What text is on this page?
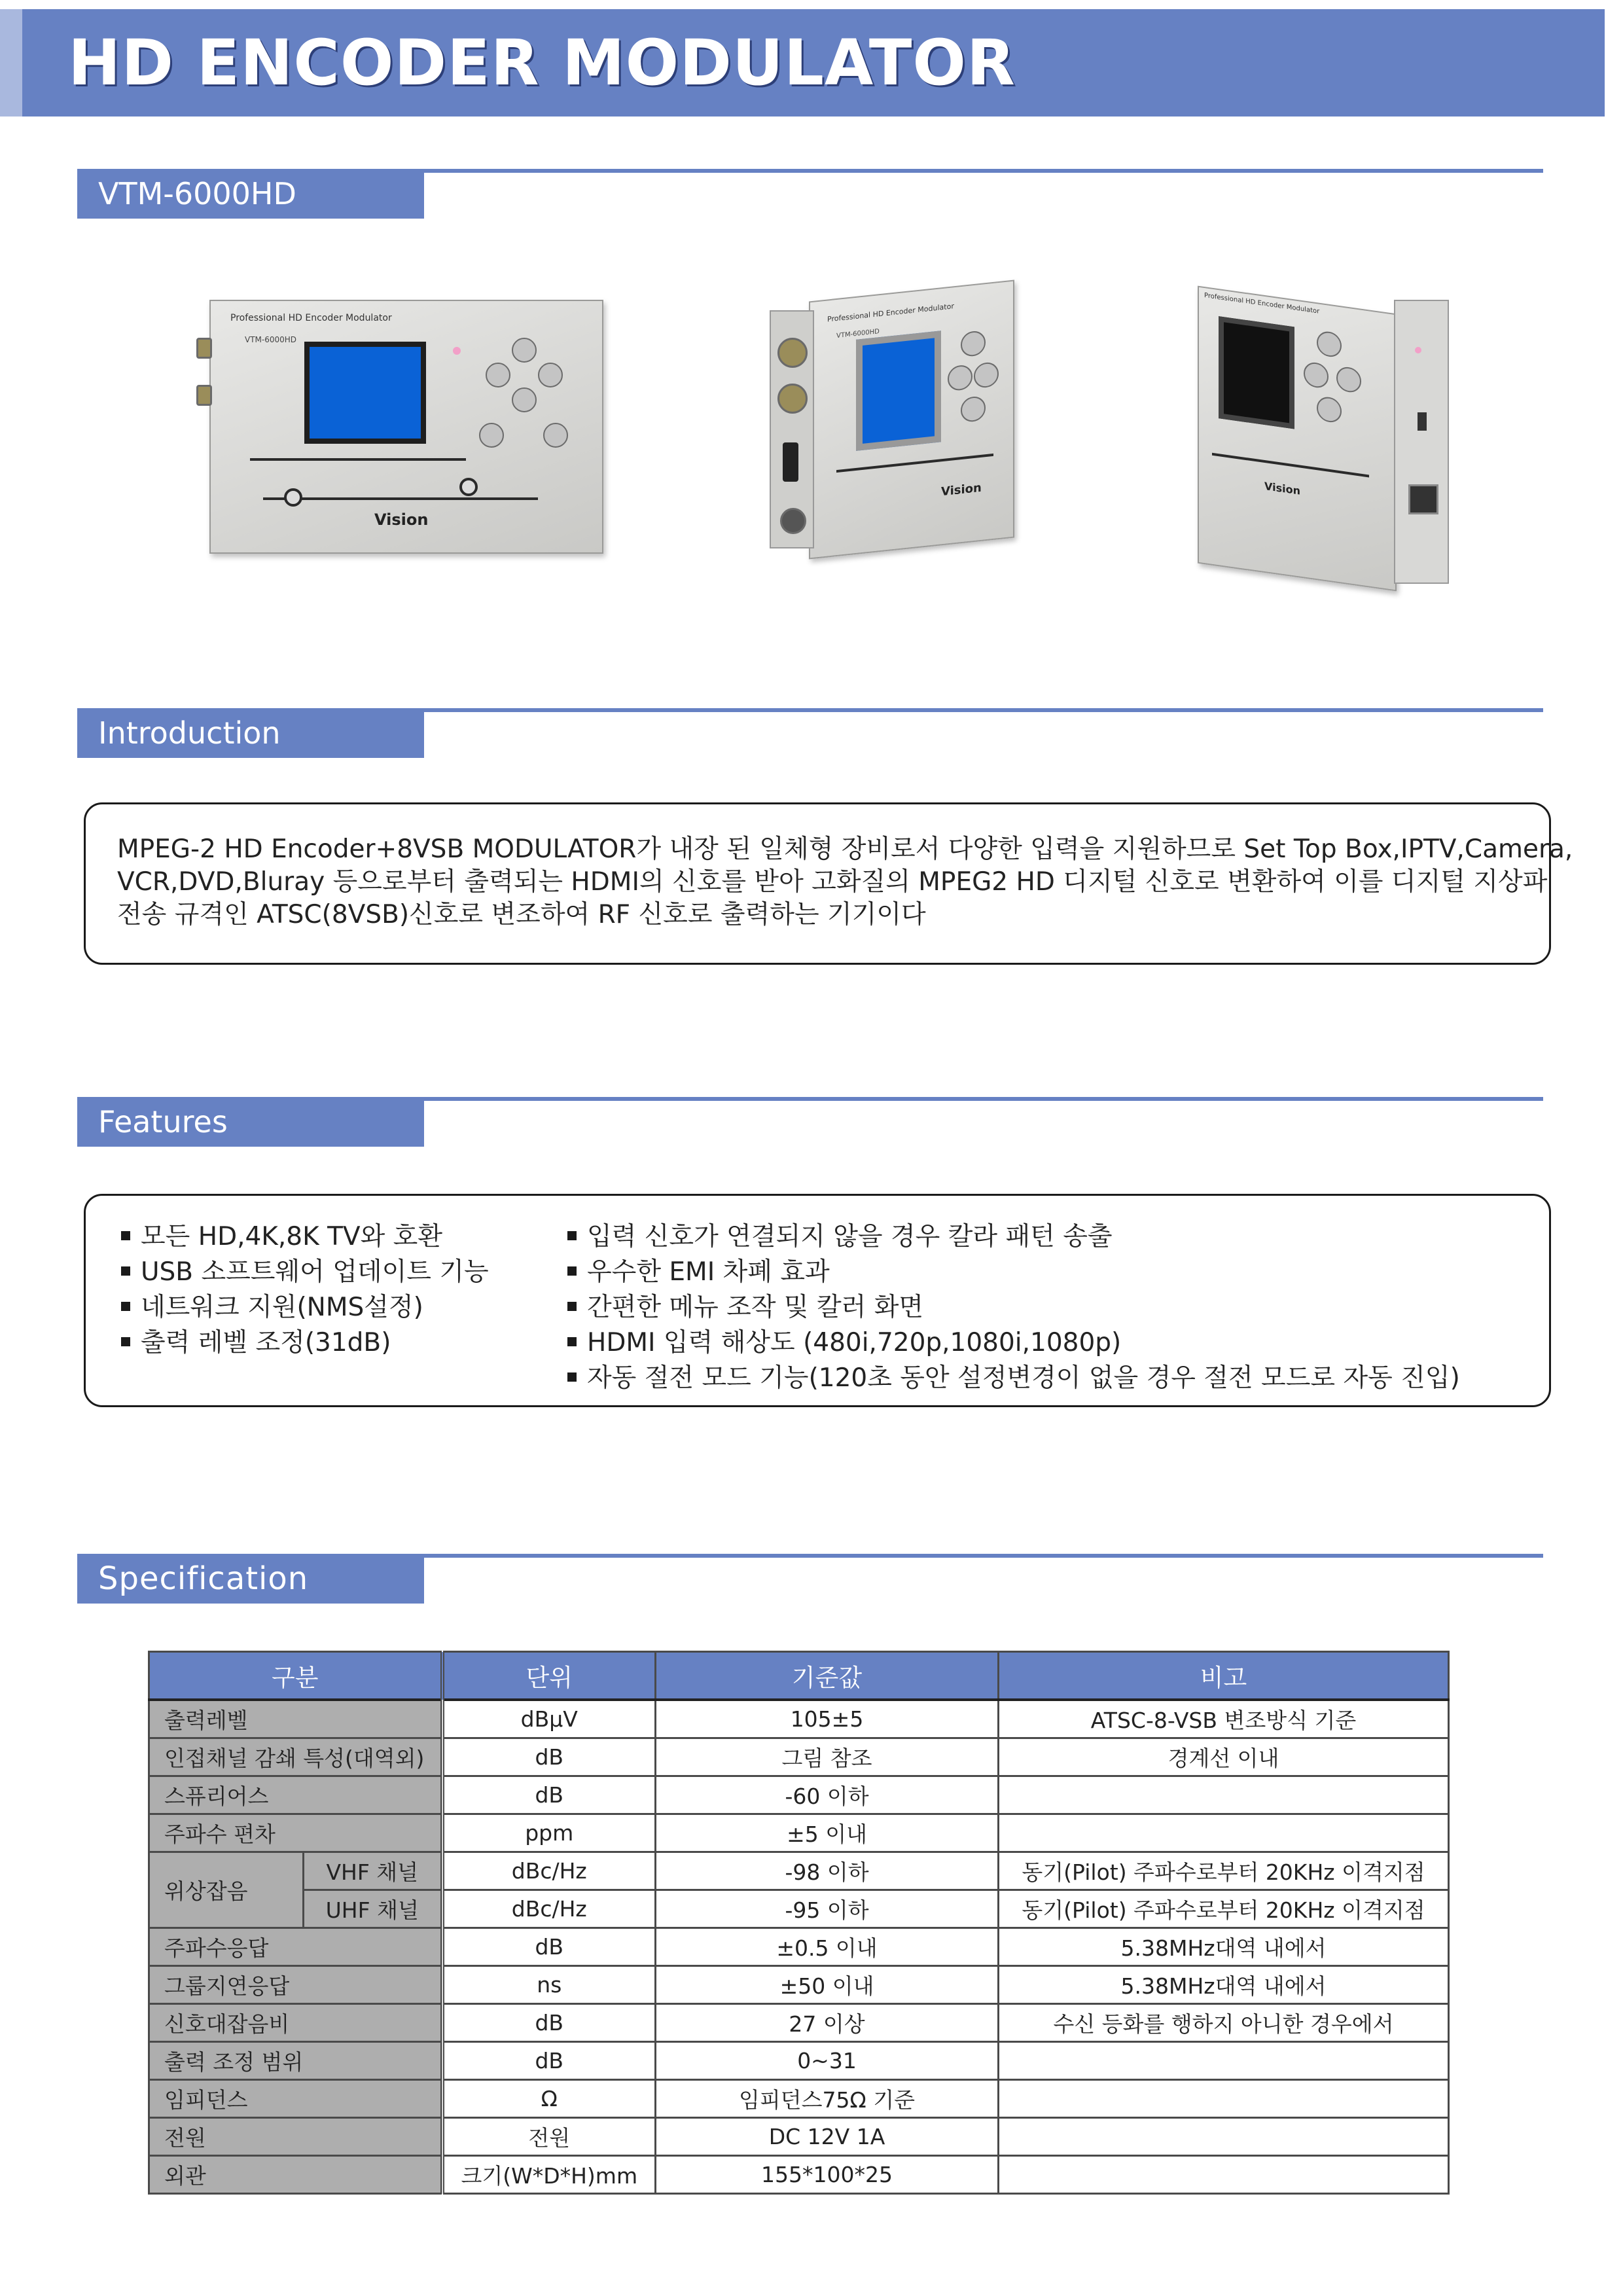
HD ENCODER MODULATOR
VTM-6000HD
Professional HD Encoder Modulator
VTM-6000HD
Vision
Professional HD Encoder Modulator
VTM-6000HD
Vision
Professional HD Encoder Modulator
Vision
Introduction
MPEG-2 HD Encoder+8VSB MODULATOR가 내장 된 일체형 장비로서 다양한 입력을 지원하므로 Set Top Box,IPTV,Camera,
VCR,DVD,Bluray 등으로부터 출력되는 HDMI의 신호를 받아 고화질의 MPEG2 HD 디지털 신호로 변환하여 이를 디지털 지상파
전송 규격인 ATSC(8VSB)신호로 변조하여 RF 신호로 출력하는 기기이다
Features
모든 HD,4K,8K TV와 호환
USB 소프트웨어 업데이트 기능
네트워크 지원(NMS설정)
출력 레벨 조정(31dB)
입력 신호가 연결되지 않을 경우 칼라 패턴 송출
우수한 EMI 차폐 효과
간편한 메뉴 조작 및 칼러 화면
HDMI 입력 해상도 (480i,720p,1080i,1080p)
자동 절전 모드 기능(120초 동안 설정변경이 없을 경우 절전 모드로 자동 진입)
Specification
구분		단위	기준값	비고
출력레벨		dBμV	105±5	ATSC-8-VSB 변조방식 기준
인접채널 감쇄 특성(대역외)		dB	그림 참조	경계선 이내
스퓨리어스		dB	-60 이하	
주파수 편차		ppm	±5 이내	
위상잡음	VHF 채널	dBc/Hz	-98 이하	동기(Pilot) 주파수로부터 20KHz 이격지점
	UHF 채널	dBc/Hz	-95 이하	동기(Pilot) 주파수로부터 20KHz 이격지점
주파수응답		dB	±0.5 이내	5.38MHz대역 내에서
그룹지연응답		ns	±50 이내	5.38MHz대역 내에서
신호대잡음비		dB	27 이상	수신 등화를 행하지 아니한 경우에서
출력 조정 범위		dB	0~31	
임피던스		Ω	임피던스75Ω 기준	
전원		전원	DC 12V 1A	
외관		크기(W*D*H)mm	155*100*25	
